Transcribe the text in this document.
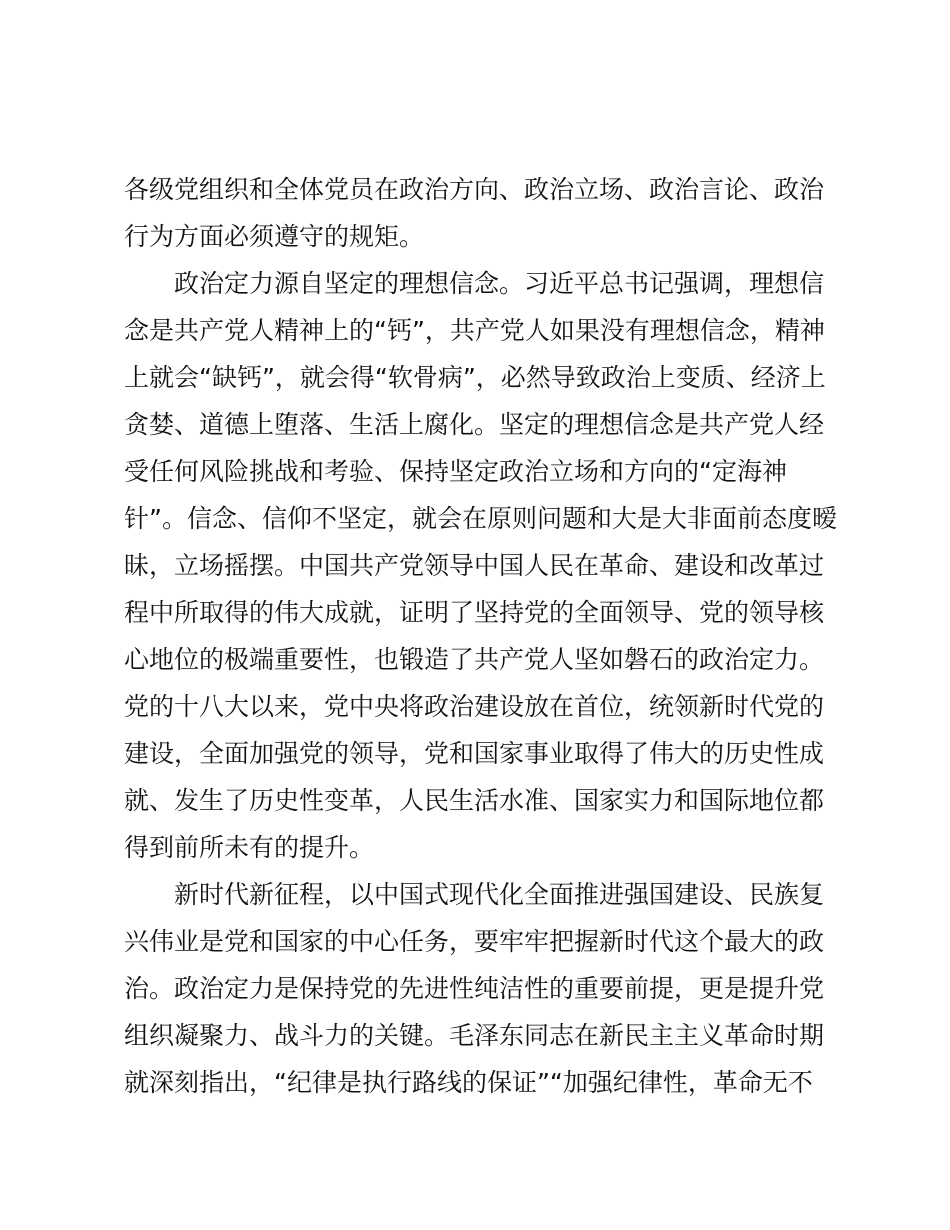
各级党组织和全体党员在政治方向、政治立场、政治言论、政治
行为方面必须遵守的规矩。
　　政治定力源自坚定的理想信念。习近平总书记强调，理想信
念是共产党人精神上的“钙”，共产党人如果没有理想信念，精神
上就会“缺钙”，就会得“软骨病”，必然导致政治上变质、经济上
贪婪、道德上堕落、生活上腐化。坚定的理想信念是共产党人经
受任何风险挑战和考验、保持坚定政治立场和方向的“定海神
针”。信念、信仰不坚定，就会在原则问题和大是大非面前态度暧
昧，立场摇摆。中国共产党领导中国人民在革命、建设和改革过
程中所取得的伟大成就，证明了坚持党的全面领导、党的领导核
心地位的极端重要性，也锻造了共产党人坚如磐石的政治定力。
党的十八大以来，党中央将政治建设放在首位，统领新时代党的
建设，全面加强党的领导，党和国家事业取得了伟大的历史性成
就、发生了历史性变革，人民生活水准、国家实力和国际地位都
得到前所未有的提升。
　　新时代新征程，以中国式现代化全面推进强国建设、民族复
兴伟业是党和国家的中心任务，要牢牢把握新时代这个最大的政
治。政治定力是保持党的先进性纯洁性的重要前提，更是提升党
组织凝聚力、战斗力的关键。毛泽东同志在新民主主义革命时期
就深刻指出，“纪律是执行路线的保证”“加强纪律性，革命无不
